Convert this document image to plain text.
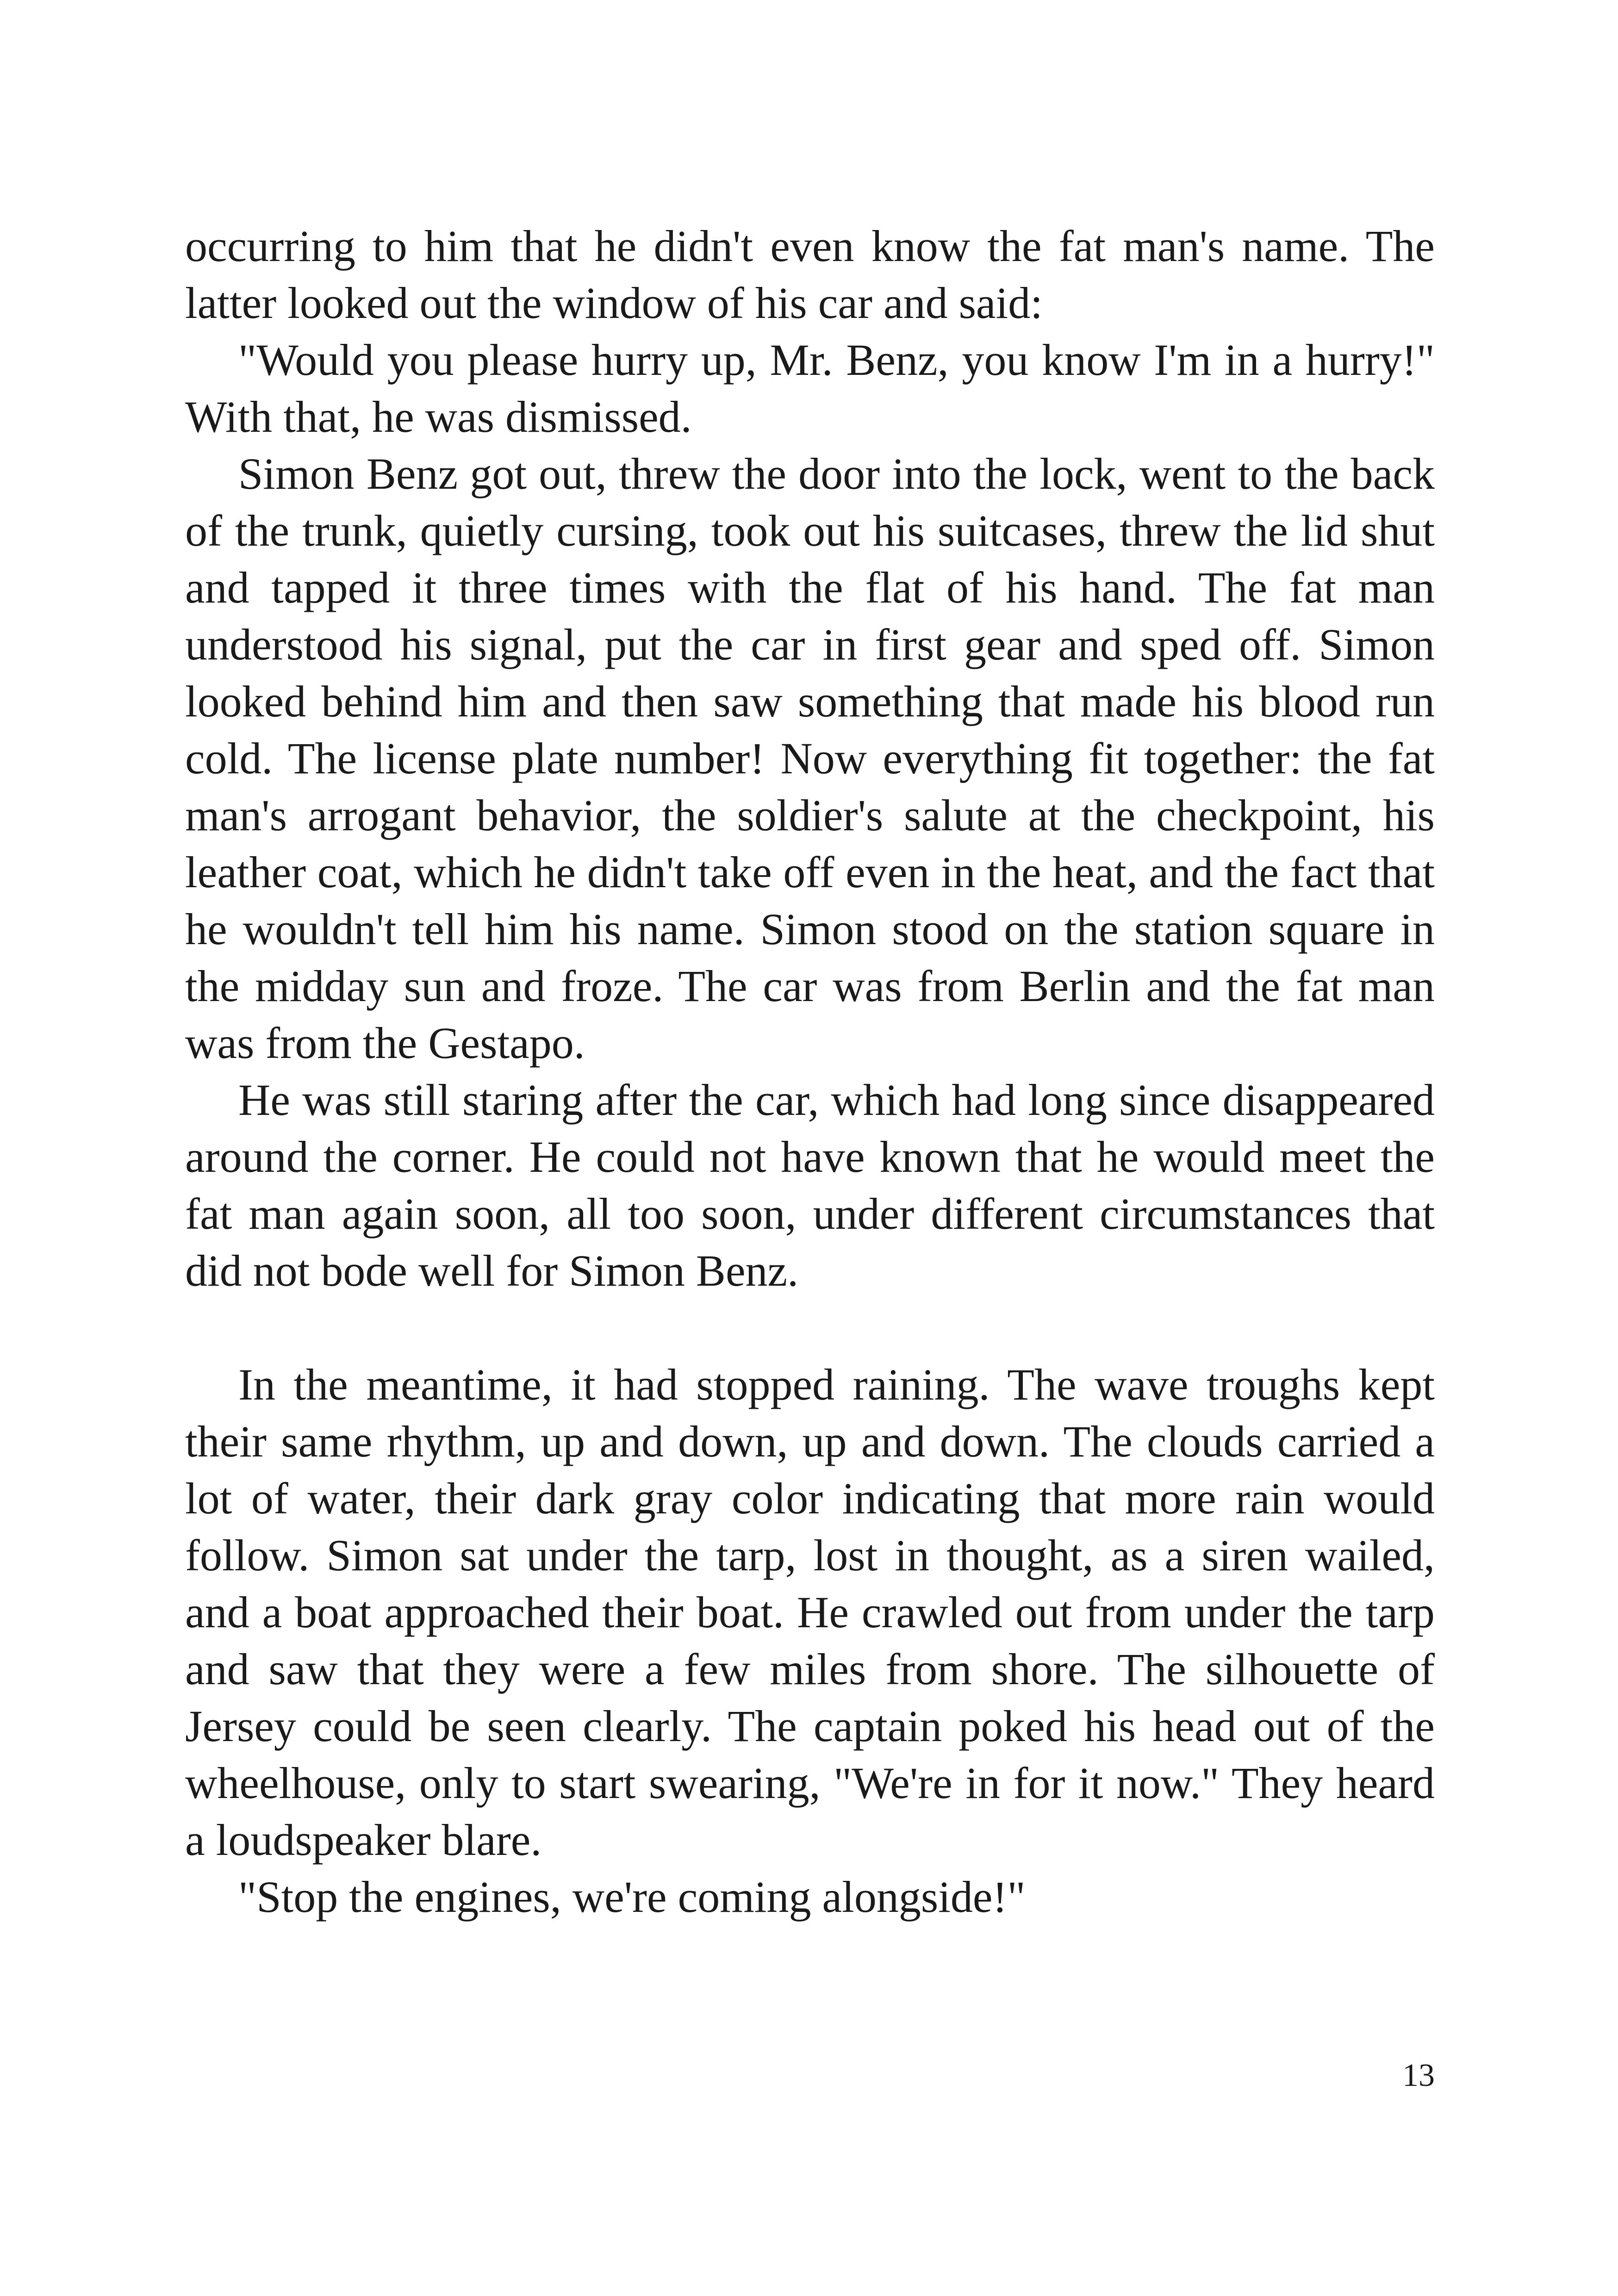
occurring to him that he didn't even know the fat man's name. The latter looked out the window of his car and said:

"Would you please hurry up, Mr. Benz, you know I'm in a hurry!" With that, he was dismissed.

Simon Benz got out, threw the door into the lock, went to the back of the trunk, quietly cursing, took out his suitcases, threw the lid shut and tapped it three times with the flat of his hand. The fat man understood his signal, put the car in first gear and sped off. Simon looked behind him and then saw something that made his blood run cold. The license plate number! Now everything fit together: the fat man's arrogant behavior, the soldier's salute at the checkpoint, his leather coat, which he didn't take off even in the heat, and the fact that he wouldn't tell him his name. Simon stood on the station square in the midday sun and froze. The car was from Berlin and the fat man was from the Gestapo.

He was still staring after the car, which had long since disappeared around the corner. He could not have known that he would meet the fat man again soon, all too soon, under different circumstances that did not bode well for Simon Benz.

In the meantime, it had stopped raining. The wave troughs kept their same rhythm, up and down, up and down. The clouds carried a lot of water, their dark gray color indicating that more rain would follow. Simon sat under the tarp, lost in thought, as a siren wailed, and a boat approached their boat. He crawled out from under the tarp and saw that they were a few miles from shore. The silhouette of Jersey could be seen clearly. The captain poked his head out of the wheelhouse, only to start swearing, "We're in for it now." They heard a loudspeaker blare.

"Stop the engines, we're coming alongside!"

13
